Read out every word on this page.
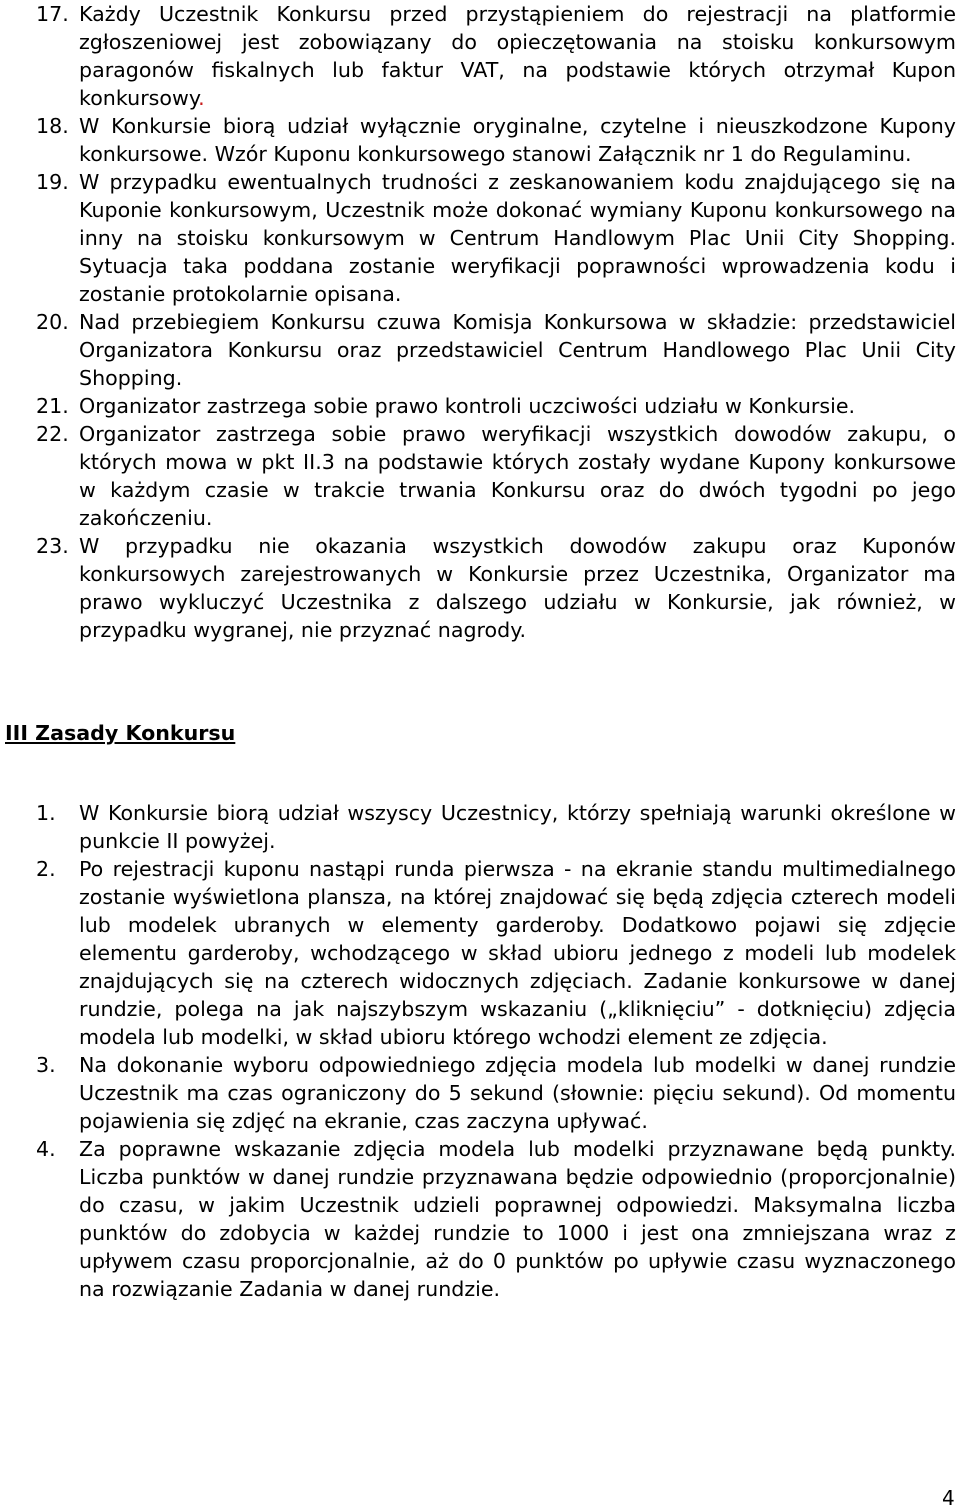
17. Każdy Uczestnik Konkursu przed przystąpieniem do rejestracji na platformie zgłoszeniowej jest zobowiązany do opieczętowania na stoisku konkursowym paragonów fiskalnych lub faktur VAT, na podstawie których otrzymał Kupon konkursowy.
18. W Konkursie biorą udział wyłącznie oryginalne, czytelne i nieuszkodzone Kupony konkursowe. Wzór Kuponu konkursowego stanowi Załącznik nr 1 do Regulaminu.
19. W przypadku ewentualnych trudności z zeskanowaniem kodu znajdującego się na Kuponie konkursowym, Uczestnik może dokonać wymiany Kuponu konkursowego na inny na stoisku konkursowym w Centrum Handlowym Plac Unii City Shopping. Sytuacja taka poddana zostanie weryfikacji poprawności wprowadzenia kodu i zostanie protokolarnie opisana.
20. Nad przebiegiem Konkursu czuwa Komisja Konkursowa w składzie: przedstawiciel Organizatora Konkursu oraz przedstawiciel Centrum Handlowego Plac Unii City Shopping.
21. Organizator zastrzega sobie prawo kontroli uczciwości udziału w Konkursie.
22. Organizator zastrzega sobie prawo weryfikacji wszystkich dowodów zakupu, o których mowa w pkt II.3 na podstawie których zostały wydane Kupony konkursowe w każdym czasie w trakcie trwania Konkursu oraz do dwóch tygodni po jego zakończeniu.
23. W przypadku nie okazania wszystkich dowodów zakupu oraz Kuponów konkursowych zarejestrowanych w Konkursie przez Uczestnika, Organizator ma prawo wykluczyć Uczestnika z dalszego udziału w Konkursie, jak również, w przypadku wygranej, nie przyznać nagrody.
III Zasady Konkursu
1.	W Konkursie biorą udział wszyscy Uczestnicy, którzy spełniają warunki określone w punkcie II powyżej.
2.	Po rejestracji kuponu nastąpi runda pierwsza - na ekranie standu multimedialnego zostanie wyświetlona plansza, na której znajdować się będą zdjęcia czterech modeli lub modelek ubranych w elementy garderoby. Dodatkowo pojawi się zdjęcie elementu garderoby, wchodzącego w skład ubioru jednego z modeli lub modelek znajdujących się na czterech widocznych zdjęciach. Zadanie konkursowe w danej rundzie, polega na jak najszybszym wskazaniu („kliknięciu” - dotknięciu) zdjęcia modela lub modelki, w skład ubioru którego wchodzi element ze zdjęcia.
3.	Na dokonanie wyboru odpowiedniego zdjęcia modela lub modelki w danej rundzie Uczestnik ma czas ograniczony do 5 sekund (słownie: pięciu sekund). Od momentu pojawienia się zdjęć na ekranie, czas zaczyna upływać.
4.	Za poprawne wskazanie zdjęcia modela lub modelki przyznawane będą punkty. Liczba punktów w danej rundzie przyznawana będzie odpowiednio (proporcjonalnie) do czasu, w jakim Uczestnik udzieli poprawnej odpowiedzi. Maksymalna liczba punktów do zdobycia w każdej rundzie to 1000 i jest ona zmniejszana wraz z upływem czasu proporcjonalnie, aż do 0 punktów po upływie czasu wyznaczonego na rozwiązanie Zadania w danej rundzie.
4
